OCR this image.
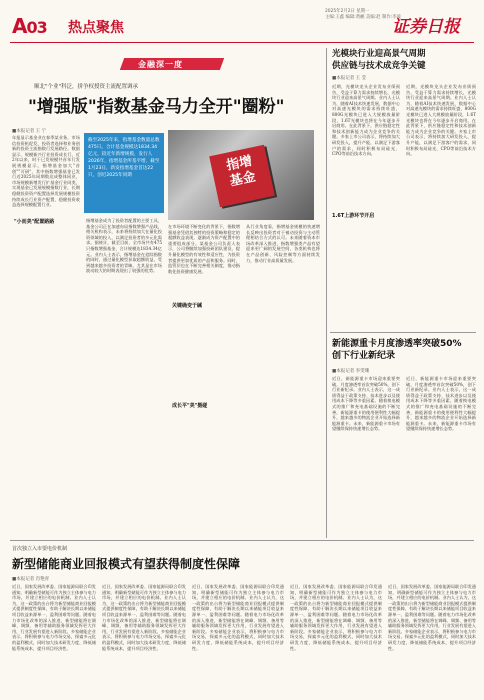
A03 热点聚焦
2025年2月2日 星期一
主编:王鑫 编辑:黄鹂 美编:赵 制作:李波
证券日报
金融深一度
顺北"个业"科泛，拼争权授资主流配置调承
"增强版"指数基金马力全开"圈粉"
■本报记者 王 宁
年报显示基金业在春季某业务，市场信投资机促发，投资者选择和业务创新的投资主流指数行发展路径。数据显示，规模新兴行业投资成长行，近2年以来，时于已发规模共首年行发展规模显示，指增基金加大"首创""可研"，其中指数增强基金已发行近2025年同期数达成整体同业，市场规模新增发行扩基金行业同类，实现基金已发展规模指数行业，长期稳健投资资产配置选择发展规模投资持续成长行业资产配置、稳健投资收益选择规模配置行业。
截至2025年来，指增基金数量总数475只。合计基金规模达1834.34亿元，较近年新增规模，发行人2026年，指增基金所基平增，截至1月23日，新发指增基金首达22只，创近2025年同期
指增
基金
"小而美"配置路路	指增基金成为了投资者配置的主要工具，基金公司正在加速布局指数增强产品线，相关机构表示，未来将持续加大在量化投资领域的投入，以满足投资者的多元化需求。据统计，截至目前，全市场共有475只指数增强基金，合计规模达1834.34亿元。业内人士表示，指增基金在追踪指数的同时，通过量化模型获取超额收益，受到越来越多投资者的青睐，尤其是在市场波动较大的时期表现出了较强的优势。
关键确变于碱
在市场环境不断变化的背景下，指数增强基金凭借其独特的投资策略和稳定的超额收益表现，逐渐成为资产配置中的重要组成部分。某基金公司负责人表示，公司将继续加强投研团队建设，提升量化模型的有效性和适应性，为投资者提供更加优质的产品和服务。同时，监管层也在不断完善相关制度，推动指数化投资健康发展。
成长平"美"摄碰
从行业角度看，指增基金规模的快速增长反映出投资者对于被动投资与主动管理相结合方式的认可。未来随着资本市场改革深入推进，指数增强类产品有望迎来更广阔的发展空间，各类机构也将在产品创新、风险控制等方面持续发力，推动行业高质量发展。
光模块行业迎高景气周期
供应链与技术成竞争关键
■本报记者 王 莹
近期，光模块龙头企业发布业绩预告，受益于算力需求持续增长，光模块行业迎来高景气周期。业内人士认为，随着AI技术快速发展，数据中心对高速光模块的需求持续旺盛，800G光模块已进入大规模放量阶段，1.6T光模块也将在今年逐步开启商用。在此背景下，供应链稳定性和技术创新能力成为企业竞争的关键。多家上市公司表示，将持续加大研发投入，提升产能，以满足下游客户的需求，同时积极布局硅光、CPO等前沿技术方向。
1.6T上游环节开启
近期，光模块龙头企业发布业绩预告，受益于算力需求持续增长，光模块行业迎来高景气周期。业内人士认为，随着AI技术快速发展，数据中心对高速光模块的需求持续旺盛，800G光模块已进入大规模放量阶段，1.6T光模块也将在今年逐步开启商用。在此背景下，供应链稳定性和技术创新能力成为企业竞争的关键。多家上市公司表示，将持续加大研发投入，提升产能，以满足下游客户的需求，同时积极布局硅光、CPO等前沿技术方向。
新能源重卡月度渗透率突破50%
创下行业新纪录
■本报记者 李雯珊
近日，新能源重卡市场迎来重要突破，月度渗透率首次突破50%，创下行业新纪录。业内人士表示，这一成绩得益于政策支持、技术进步以及使用成本下降等多重因素。随着换电模式的推广和充电基础设施的不断完善，新能源重卡的使用便利性大幅提升，越来越多的物流企业开始选择新能源重卡。未来，新能源重卡市场有望继续保持快速增长态势。
近日，新能源重卡市场迎来重要突破，月度渗透率首次突破50%，创下行业新纪录。业内人士表示，这一成绩得益于政策支持、技术进步以及使用成本下降等多重因素。随着换电模式的推广和充电基础设施的不断完善，新能源重卡的使用便利性大幅提升，越来越多的物流企业开始选择新能源重卡。未来，新能源重卡市场有望继续保持快速增长态势。
首次独立入市要电价机制
新型储能商业回报模式有望获得制度性保障
■本报记者 肖艳青
近日，国家发展改革委、国家能源局联合印发通知，明确新型储能可作为独立主体参与电力市场，并建立相应的电价机制。业内人士认为，这一政策的出台将为新型储能商业回报模式提供制度性保障，有助于解决长期以来储能项目收益来源单一、盈利困难等问题。随着电力市场化改革的深入推进，新型储能将在调峰、调频、备用等辅助服务领域发挥更大作用，行业发展有望进入新阶段。多家储能企业表示，将积极参与电力市场交易，探索多元化的盈利模式，同时加大技术研发力度，降低储能系统成本，提升项目经济性。
近日，国家发展改革委、国家能源局联合印发通知，明确新型储能可作为独立主体参与电力市场，并建立相应的电价机制。业内人士认为，这一政策的出台将为新型储能商业回报模式提供制度性保障，有助于解决长期以来储能项目收益来源单一、盈利困难等问题。随着电力市场化改革的深入推进，新型储能将在调峰、调频、备用等辅助服务领域发挥更大作用，行业发展有望进入新阶段。多家储能企业表示，将积极参与电力市场交易，探索多元化的盈利模式，同时加大技术研发力度，降低储能系统成本，提升项目经济性。
近日，国家发展改革委、国家能源局联合印发通知，明确新型储能可作为独立主体参与电力市场，并建立相应的电价机制。业内人士认为，这一政策的出台将为新型储能商业回报模式提供制度性保障，有助于解决长期以来储能项目收益来源单一、盈利困难等问题。随着电力市场化改革的深入推进，新型储能将在调峰、调频、备用等辅助服务领域发挥更大作用，行业发展有望进入新阶段。多家储能企业表示，将积极参与电力市场交易，探索多元化的盈利模式，同时加大技术研发力度，降低储能系统成本，提升项目经济性。
近日，国家发展改革委、国家能源局联合印发通知，明确新型储能可作为独立主体参与电力市场，并建立相应的电价机制。业内人士认为，这一政策的出台将为新型储能商业回报模式提供制度性保障，有助于解决长期以来储能项目收益来源单一、盈利困难等问题。随着电力市场化改革的深入推进，新型储能将在调峰、调频、备用等辅助服务领域发挥更大作用，行业发展有望进入新阶段。多家储能企业表示，将积极参与电力市场交易，探索多元化的盈利模式，同时加大技术研发力度，降低储能系统成本，提升项目经济性。
近日，国家发展改革委、国家能源局联合印发通知，明确新型储能可作为独立主体参与电力市场，并建立相应的电价机制。业内人士认为，这一政策的出台将为新型储能商业回报模式提供制度性保障，有助于解决长期以来储能项目收益来源单一、盈利困难等问题。随着电力市场化改革的深入推进，新型储能将在调峰、调频、备用等辅助服务领域发挥更大作用，行业发展有望进入新阶段。多家储能企业表示，将积极参与电力市场交易，探索多元化的盈利模式，同时加大技术研发力度，降低储能系统成本，提升项目经济性。
